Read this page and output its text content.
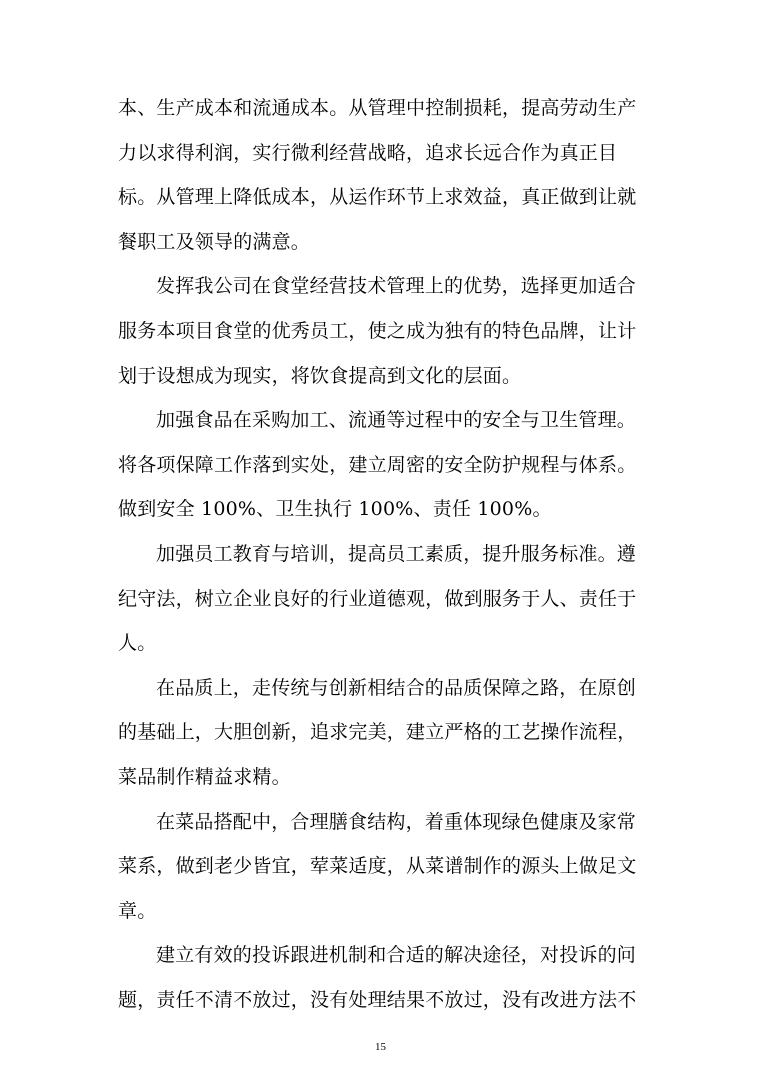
本、生产成本和流通成本。从管理中控制损耗，提高劳动生产力以求得利润，实行微利经营战略，追求长远合作为真正目标。从管理上降低成本，从运作环节上求效益，真正做到让就餐职工及领导的满意。

发挥我公司在食堂经营技术管理上的优势，选择更加适合服务本项目食堂的优秀员工，使之成为独有的特色品牌，让计划于设想成为现实，将饮食提高到文化的层面。

加强食品在采购加工、流通等过程中的安全与卫生管理。将各项保障工作落到实处，建立周密的安全防护规程与体系。做到安全 100%、卫生执行 100%、责任 100%。

加强员工教育与培训，提高员工素质，提升服务标准。遵纪守法，树立企业良好的行业道德观，做到服务于人、责任于人。

在品质上，走传统与创新相结合的品质保障之路，在原创的基础上，大胆创新，追求完美，建立严格的工艺操作流程，菜品制作精益求精。

在菜品搭配中，合理膳食结构，着重体现绿色健康及家常菜系，做到老少皆宜，荤菜适度，从菜谱制作的源头上做足文章。

建立有效的投诉跟进机制和合适的解决途径，对投诉的问题，责任不清不放过，没有处理结果不放过，没有改进方法不

15
